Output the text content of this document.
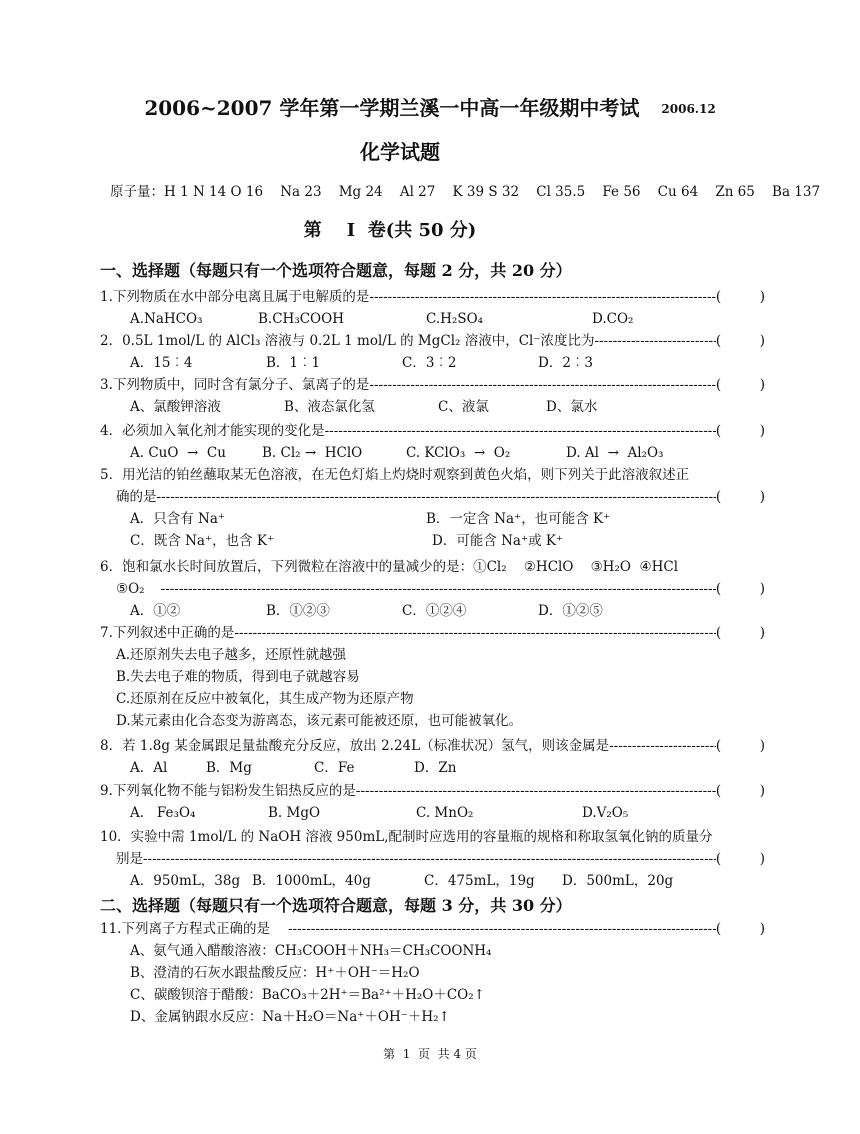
2006~2007 学年第一学期兰溪一中高一年级期中考试 2006.12
化学试题
原子量：H 1 N 14 O 16    Na 23    Mg 24    Al 27    K 39 S 32    Cl 35.5    Fe 56    Cu 64    Zn 65    Ba 137
第    Ⅰ  卷(共 50 分)
一、选择题（每题只有一个选项符合题意，每题 2 分，共 20 分）
1.下列物质在水中部分电离且属于电解质的是 -----	(         )
A.NaHCO₃	B.CH₃COOH	C.H₂SO₄	D.CO₂
2．0.5L 1mol/L 的 AlCl₃ 溶液与 0.2L 1 mol/L 的 MgCl₂ 溶液中，Cl⁻浓度比为 -----	(         )
A．15︰4	B．1︰1	C．3︰2	D．2︰3
3.下列物质中，同时含有氯分子、氯离子的是 -----	(         )
A、氯酸钾溶液	B、液态氯化氢	C、液氯	D、氯水
4．必须加入氧化剂才能实现的变化是 -----	(         )
A. CuO  →  Cu	B. Cl₂ →  HClO	C. KClO₃  →  O₂	D. Al  →  Al₂O₃
5．用光洁的铂丝蘸取某无色溶液，在无色灯焰上灼烧时观察到黄色火焰，则下列关于此溶液叙述正
确的是 -----	(         )
A．只含有 Na⁺	B．一定含 Na⁺，也可能含 K⁺
C．既含 Na⁺，也含 K⁺	D．可能含 Na⁺或 K⁺
6．饱和氯水长时间放置后，下列微粒在溶液中的量减少的是：①Cl₂    ②HClO    ③H₂O  ④HCl
⑤O₂ -----	(         )
A．①②	B．①②③	C．①②④	D．①②⑤
7.下列叙述中正确的是 -----	(         )
A.还原剂失去电子越多，还原性就越强
B.失去电子难的物质，得到电子就越容易
C.还原剂在反应中被氧化，其生成产物为还原产物
D.某元素由化合态变为游离态，该元素可能被还原，也可能被氧化。
8．若 1.8g 某金属跟足量盐酸充分反应，放出 2.24L（标准状况）氢气，则该金属是 -----	(         )
A．Al	B．Mg	C．Fe	D．Zn
9.下列氧化物不能与铝粉发生铝热反应的是 -----	(         )
A.   Fe₃O₄	B. MgO	C. MnO₂	D.V₂O₅
10．实验中需 1mol/L 的 NaOH 溶液 950mL,配制时应选用的容量瓶的规格和称取氢氧化钠的质量分
别是 -----	(         )
A．950mL，38g B．1000mL，40g	C．475mL，19g	D．500mL，20g
二、选择题（每题只有一个选项符合题意，每题 3 分，共 30 分）
11.下列离子方程式正确的是 -----	(         )
A、氨气通入醋酸溶液：CH₃COOH＋NH₃＝CH₃COONH₄
B、澄清的石灰水跟盐酸反应：H⁺＋OH⁻＝H₂O
C、碳酸钡溶于醋酸：BaCO₃＋2H⁺＝Ba²⁺＋H₂O＋CO₂↑
D、金属钠跟水反应：Na＋H₂O＝Na⁺＋OH⁻＋H₂↑
第  1  页  共 4 页
